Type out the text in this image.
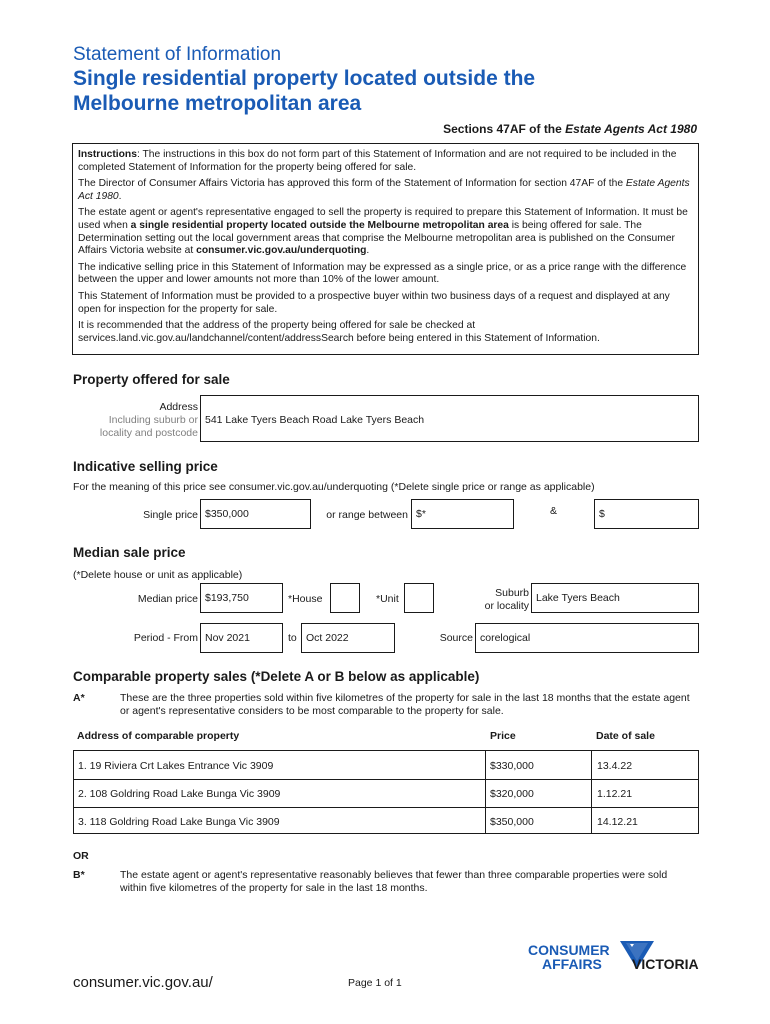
Statement of Information
Single residential property located outside the
Melbourne metropolitan area
Sections 47AF of the Estate Agents Act 1980

Instructions: The instructions in this box do not form part of this Statement of Information and are not required to be included in the completed Statement of Information for the property being offered for sale.

The Director of Consumer Affairs Victoria has approved this form of the Statement of Information for section 47AF of the Estate Agents Act 1980.

The estate agent or agent's representative engaged to sell the property is required to prepare this Statement of Information. It must be used when a single residential property located outside the Melbourne metropolitan area is being offered for sale. The Determination setting out the local government areas that comprise the Melbourne metropolitan area is published on the Consumer Affairs Victoria website at consumer.vic.gov.au/underquoting.

The indicative selling price in this Statement of Information may be expressed as a single price, or as a price range with the difference between the upper and lower amounts not more than 10% of the lower amount.

This Statement of Information must be provided to a prospective buyer within two business days of a request and displayed at any open for inspection for the property for sale.

It is recommended that the address of the property being offered for sale be checked at services.land.vic.gov.au/landchannel/content/addressSearch before being entered in this Statement of Information.

Property offered for sale
Address
Including suburb or
locality and postcode
541 Lake Tyers Beach Road Lake Tyers Beach
Indicative selling price
For the meaning of this price see consumer.vic.gov.au/underquoting (*Delete single price or range as applicable)
Single price $350,000	or range between $*	&	$
Median sale price
(*Delete house or unit as applicable)
Median price $193,750	*House	*Unit	Suburb
or locality
Lake Tyers Beach
Period - From Nov 2021	to Oct 2022	Source corelogical
Comparable property sales (*Delete A or B below as applicable)
A*	These are the three properties sold within five kilometres of the property for sale in the last 18 months that the estate agent or agent's representative considers to be most comparable to the property for sale.
Address of comparable property	Price	Date of sale
1. 19 Riviera Crt Lakes Entrance Vic 3909	$330,000	13.4.22
2. 108 Goldring Road Lake Bunga Vic 3909	$320,000	1.12.21
3. 118 Goldring Road Lake Bunga Vic 3909	$350,000	14.12.21
OR
B*	The estate agent or agent's representative reasonably believes that fewer than three comparable properties were sold within five kilometres of the property for sale in the last 18 months.
consumer.vic.gov.au/	Page 1 of 1
CONSUMER
AFFAIRS VICTORIA
